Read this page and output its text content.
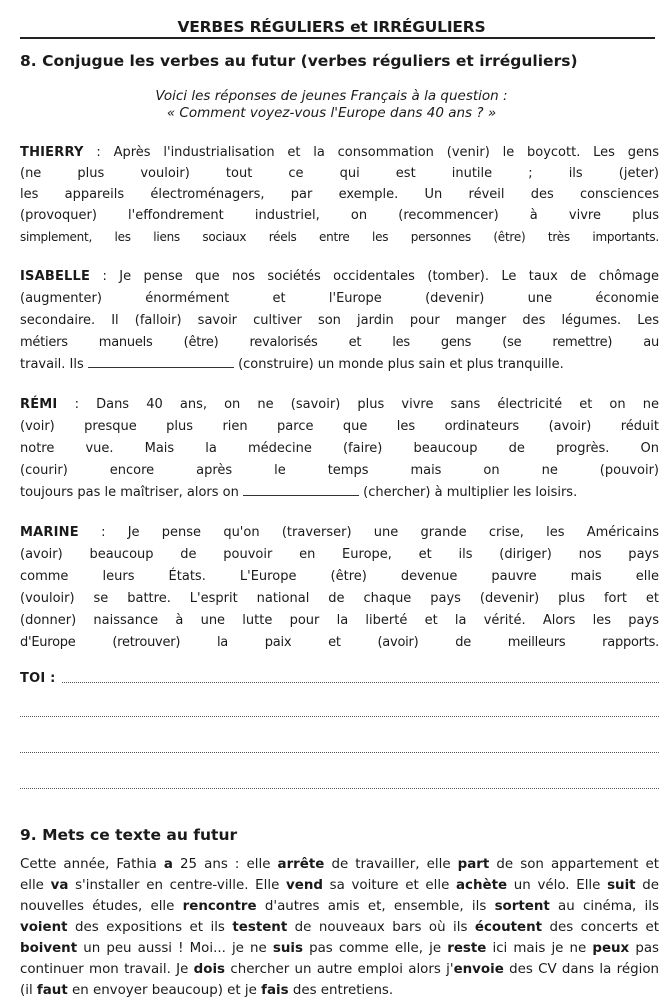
VERBES RÉGULIERS et IRRÉGULIERS
8. Conjugue les verbes au futur (verbes réguliers et irréguliers)
Voici les réponses de jeunes Français à la question :
« Comment voyez-vous l'Europe dans 40 ans ? »
THIERRY : Après l'industrialisation et la consommation (venir) le boycott. Les gens
(ne plus vouloir) tout ce qui est inutile ; ils	(jeter)
les appareils électroménagers, par exemple. Un réveil des consciences
(provoquer) l'effondrement industriel, on (recommencer) à vivre plus
simplement, les liens sociaux réels entre les personnes (être) très importants.
ISABELLE : Je pense que nos sociétés occidentales (tomber). Le taux de chômage
(augmenter) énormément et l'Europe	(devenir) une économie
secondaire. Il (falloir) savoir cultiver son jardin pour manger des légumes. Les
métiers manuels (être) revalorisés et les gens (se remettre) au
travail. Ils	(construire) un monde plus sain et plus tranquille.
RÉMI : Dans 40 ans, on ne (savoir) plus vivre sans électricité et on ne
(voir) presque plus rien parce que les ordinateurs (avoir) réduit
notre vue. Mais la médecine (faire) beaucoup de progrès. On
(courir) encore après le temps mais on ne	(pouvoir)
toujours pas le maîtriser, alors on	(chercher) à multiplier les loisirs.
MARINE : Je pense qu'on (traverser) une grande crise, les Américains
(avoir) beaucoup de pouvoir en Europe, et ils (diriger) nos pays
comme leurs États. L'Europe	(être) devenue pauvre mais elle
(vouloir) se battre. L'esprit national de chaque pays (devenir) plus fort et
(donner) naissance à une lutte pour la liberté et la vérité. Alors les pays
d'Europe	(retrouver) la paix et	(avoir) de meilleurs rapports.
TOI :
9. Mets ce texte au futur
Cette année, Fathia a 25 ans : elle arrête de travailler, elle part de son appartement et
elle va s'installer en centre-ville. Elle vend sa voiture et elle achète un vélo. Elle suit de
nouvelles études, elle rencontre d'autres amis et, ensemble, ils sortent au cinéma, ils
voient des expositions et ils testent de nouveaux bars où ils écoutent des concerts et
boivent un peu aussi ! Moi... je ne suis pas comme elle, je reste ici mais je ne peux pas
continuer mon travail. Je dois chercher un autre emploi alors j'envoie des CV dans la région
(il faut en envoyer beaucoup) et je fais des entretiens.
